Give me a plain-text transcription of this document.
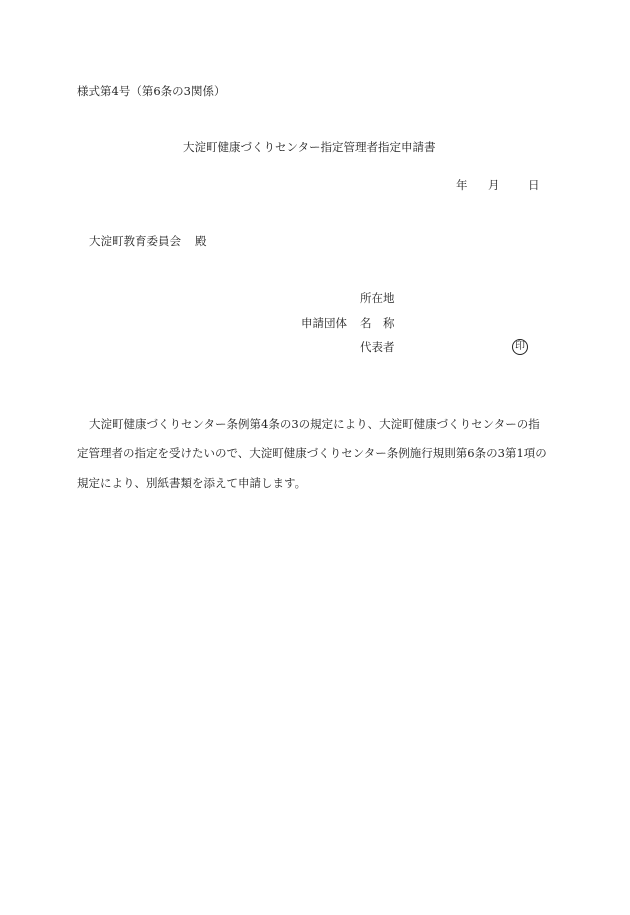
様式第4号（第6条の3関係）
大淀町健康づくりセンター指定管理者指定申請書
年 月 日
大淀町教育委員会 殿
申請団体
所在地
名 称
代表者	印
大淀町健康づくりセンター条例第4条の3の規定により、大淀町健康づくりセンターの指
定管理者の指定を受けたいので、大淀町健康づくりセンター条例施行規則第6条の3第1項の
規定により、別紙書類を添えて申請します。
